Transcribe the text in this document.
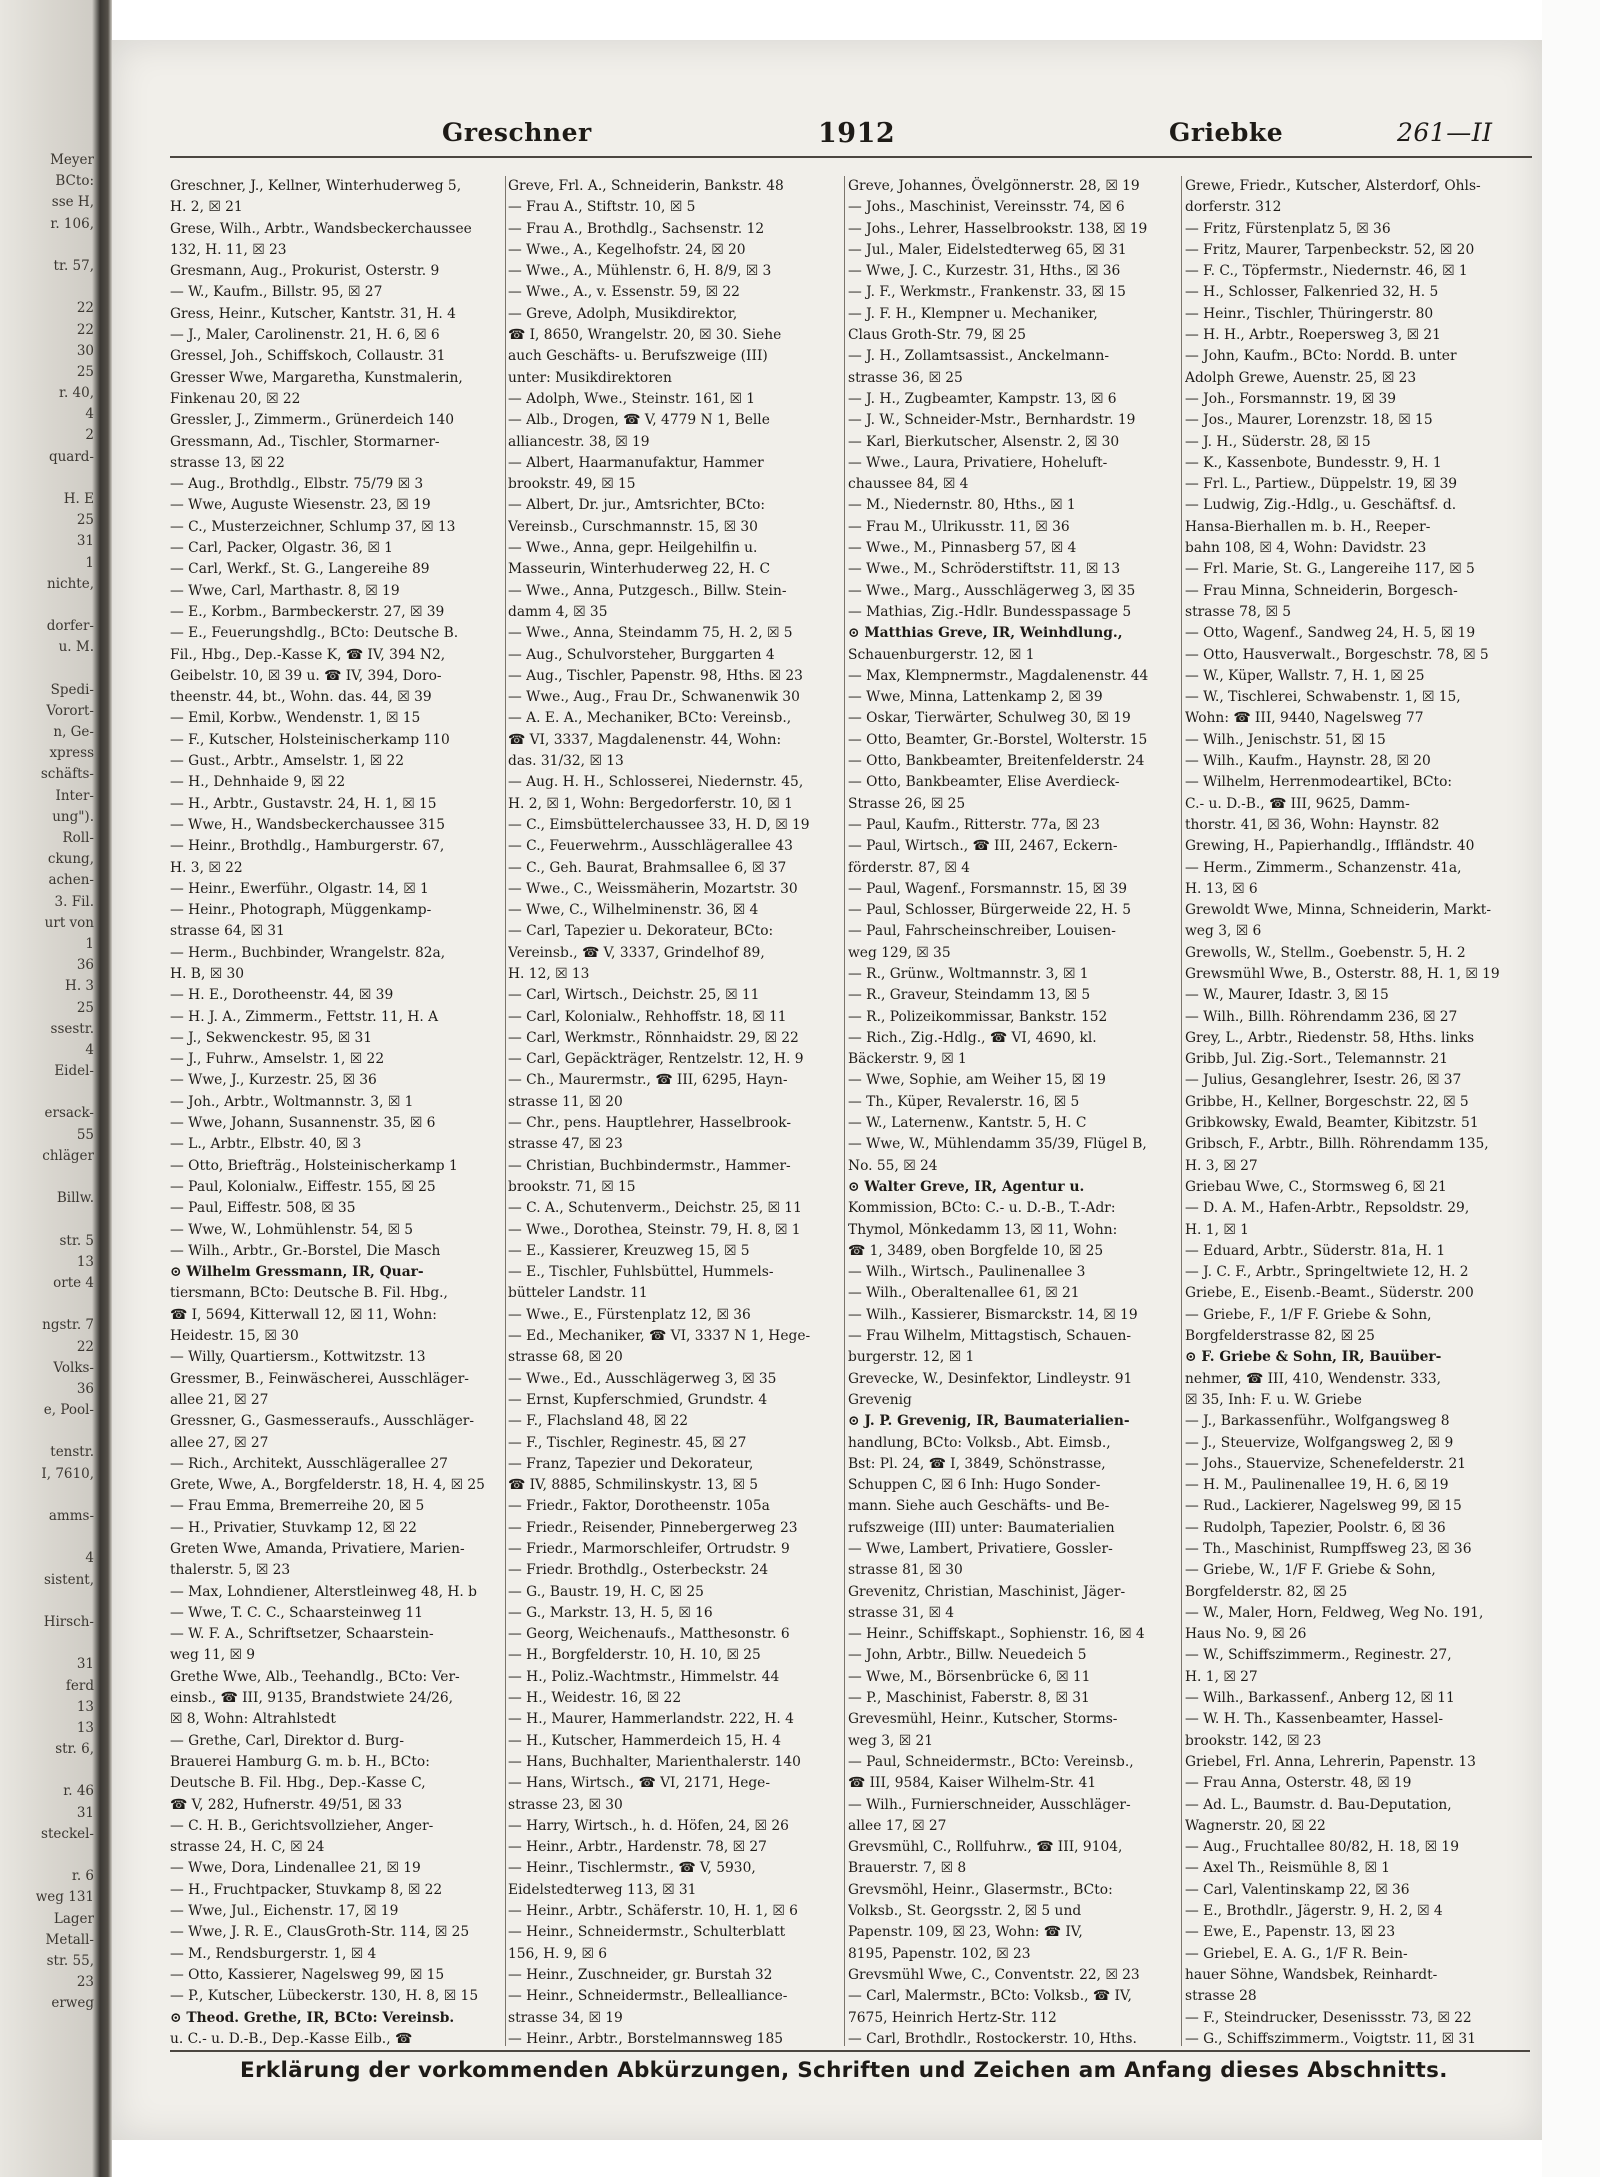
Meyer
BCto:
sse H,
r. 106,
tr. 57,
22
22
30
25
r. 40,
4
2
quard-
H. E
25
31
1
nichte,
dorfer-
u. M.
Spedi-
Vorort-
n, Ge-
xpress
schäfts-
Inter-
ung").
Roll-
ckung,
achen-
3. Fil.
urt von
1
36
H. 3
25
ssestr.
4
Eidel-
ersack-
55
chläger
Billw.
str. 5
13
orte 4
ngstr. 7
22
Volks-
36
e, Pool-
tenstr.
I, 7610,
amms-
4
sistent,
Hirsch-
31
ferd
13
13
str. 6,
r. 46
31
steckel-
r. 6
weg 131
Lager
Metall-
str. 55,
23
erweg
Greschner	1912	Griebke	261—II
Greschner, J., Kellner, Winterhuderweg 5,
H. 2, ☒ 21
Grese, Wilh., Arbtr., Wandsbeckerchaussee
132, H. 11, ☒ 23
Gresmann, Aug., Prokurist, Osterstr. 9
— W., Kaufm., Billstr. 95, ☒ 27
Gress, Heinr., Kutscher, Kantstr. 31, H. 4
— J., Maler, Carolinenstr. 21, H. 6, ☒ 6
Gressel, Joh., Schiffskoch, Collaustr. 31
Gresser Wwe, Margaretha, Kunstmalerin,
Finkenau 20, ☒ 22
Gressler, J., Zimmerm., Grünerdeich 140
Gressmann, Ad., Tischler, Stormarner-
strasse 13, ☒ 22
— Aug., Brothdlg., Elbstr. 75/79 ☒ 3
— Wwe, Auguste Wiesenstr. 23, ☒ 19
— C., Musterzeichner, Schlump 37, ☒ 13
— Carl, Packer, Olgastr. 36, ☒ 1
— Carl, Werkf., St. G., Langereihe 89
— Wwe, Carl, Marthastr. 8, ☒ 19
— E., Korbm., Barmbeckerstr. 27, ☒ 39
— E., Feuerungshdlg., BCto: Deutsche B.
Fil., Hbg., Dep.-Kasse K, ☎ IV, 394 N2,
Geibelstr. 10, ☒ 39 u. ☎ IV, 394, Doro-
theenstr. 44, bt., Wohn. das. 44, ☒ 39
— Emil, Korbw., Wendenstr. 1, ☒ 15
— F., Kutscher, Holsteinischerkamp 110
— Gust., Arbtr., Amselstr. 1, ☒ 22
— H., Dehnhaide 9, ☒ 22
— H., Arbtr., Gustavstr. 24, H. 1, ☒ 15
— Wwe, H., Wandsbeckerchaussee 315
— Heinr., Brothdlg., Hamburgerstr. 67,
H. 3, ☒ 22
— Heinr., Ewerführ., Olgastr. 14, ☒ 1
— Heinr., Photograph, Müggenkamp-
strasse 64, ☒ 31
— Herm., Buchbinder, Wrangelstr. 82a,
H. B, ☒ 30
— H. E., Dorotheenstr. 44, ☒ 39
— H. J. A., Zimmerm., Fettstr. 11, H. A
— J., Sekwenckestr. 95, ☒ 31
— J., Fuhrw., Amselstr. 1, ☒ 22
— Wwe, J., Kurzestr. 25, ☒ 36
— Joh., Arbtr., Woltmannstr. 3, ☒ 1
— Wwe, Johann, Susannenstr. 35, ☒ 6
— L., Arbtr., Elbstr. 40, ☒ 3
— Otto, Briefträg., Holsteinischerkamp 1
— Paul, Kolonialw., Eiffestr. 155, ☒ 25
— Paul, Eiffestr. 508, ☒ 35
— Wwe, W., Lohmühlenstr. 54, ☒ 5
— Wilh., Arbtr., Gr.-Borstel, Die Masch
⊙ Wilhelm Gressmann, IR, Quar-
tiersmann, BCto: Deutsche B. Fil. Hbg.,
☎ I, 5694, Kitterwall 12, ☒ 11, Wohn:
Heidestr. 15, ☒ 30
— Willy, Quartiersm., Kottwitzstr. 13
Gressmer, B., Feinwäscherei, Ausschläger-
allee 21, ☒ 27
Gressner, G., Gasmesseraufs., Ausschläger-
allee 27, ☒ 27
— Rich., Architekt, Ausschlägerallee 27
Grete, Wwe, A., Borgfelderstr. 18, H. 4, ☒ 25
— Frau Emma, Bremerreihe 20, ☒ 5
— H., Privatier, Stuvkamp 12, ☒ 22
Greten Wwe, Amanda, Privatiere, Marien-
thalerstr. 5, ☒ 23
— Max, Lohndiener, Alterstleinweg 48, H. b
— Wwe, T. C. C., Schaarsteinweg 11
— W. F. A., Schriftsetzer, Schaarstein-
weg 11, ☒ 9
Grethe Wwe, Alb., Teehandlg., BCto: Ver-
einsb., ☎ III, 9135, Brandstwiete 24/26,
☒ 8, Wohn: Altrahlstedt
— Grethe, Carl, Direktor d. Burg-
Brauerei Hamburg G. m. b. H., BCto:
Deutsche B. Fil. Hbg., Dep.-Kasse C,
☎ V, 282, Hufnerstr. 49/51, ☒ 33
— C. H. B., Gerichtsvollzieher, Anger-
strasse 24, H. C, ☒ 24
— Wwe, Dora, Lindenallee 21, ☒ 19
— H., Fruchtpacker, Stuvkamp 8, ☒ 22
— Wwe, Jul., Eichenstr. 17, ☒ 19
— Wwe, J. R. E., ClausGroth-Str. 114, ☒ 25
— M., Rendsburgerstr. 1, ☒ 4
— Otto, Kassierer, Nagelsweg 99, ☒ 15
— P., Kutscher, Lübeckerstr. 130, H. 8, ☒ 15
⊙ Theod. Grethe, IR, BCto: Vereinsb.
u. C.- u. D.-B., Dep.-Kasse Eilb., ☎
Greve, Frl. A., Schneiderin, Bankstr. 48
— Frau A., Stiftstr. 10, ☒ 5
— Frau A., Brothdlg., Sachsenstr. 12
— Wwe., A., Kegelhofstr. 24, ☒ 20
— Wwe., A., Mühlenstr. 6, H. 8/9, ☒ 3
— Wwe., A., v. Essenstr. 59, ☒ 22
— Greve, Adolph, Musikdirektor,
☎ I, 8650, Wrangelstr. 20, ☒ 30. Siehe
auch Geschäfts- u. Berufszweige (III)
unter: Musikdirektoren
— Adolph, Wwe., Steinstr. 161, ☒ 1
— Alb., Drogen, ☎ V, 4779 N 1, Belle
alliancestr. 38, ☒ 19
— Albert, Haarmanufaktur, Hammer
brookstr. 49, ☒ 15
— Albert, Dr. jur., Amtsrichter, BCto:
Vereinsb., Curschmannstr. 15, ☒ 30
— Wwe., Anna, gepr. Heilgehilfin u.
Masseurin, Winterhuderweg 22, H. C
— Wwe., Anna, Putzgesch., Billw. Stein-
damm 4, ☒ 35
— Wwe., Anna, Steindamm 75, H. 2, ☒ 5
— Aug., Schulvorsteher, Burggarten 4
— Aug., Tischler, Papenstr. 98, Hths. ☒ 23
— Wwe., Aug., Frau Dr., Schwanenwik 30
— A. E. A., Mechaniker, BCto: Vereinsb.,
☎ VI, 3337, Magdalenenstr. 44, Wohn:
das. 31/32, ☒ 13
— Aug. H. H., Schlosserei, Niedernstr. 45,
H. 2, ☒ 1, Wohn: Bergedorferstr. 10, ☒ 1
— C., Eimsbüttelerchaussee 33, H. D, ☒ 19
— C., Feuerwehrm., Ausschlägerallee 43
— C., Geh. Baurat, Brahmsallee 6, ☒ 37
— Wwe., C., Weissmäherin, Mozartstr. 30
— Wwe, C., Wilhelminenstr. 36, ☒ 4
— Carl, Tapezier u. Dekorateur, BCto:
Vereinsb., ☎ V, 3337, Grindelhof 89,
H. 12, ☒ 13
— Carl, Wirtsch., Deichstr. 25, ☒ 11
— Carl, Kolonialw., Rehhoffstr. 18, ☒ 11
— Carl, Werkmstr., Rönnhaidstr. 29, ☒ 22
— Carl, Gepäckträger, Rentzelstr. 12, H. 9
— Ch., Maurermstr., ☎ III, 6295, Hayn-
strasse 11, ☒ 20
— Chr., pens. Hauptlehrer, Hasselbrook-
strasse 47, ☒ 23
— Christian, Buchbindermstr., Hammer-
brookstr. 71, ☒ 15
— C. A., Schutenverm., Deichstr. 25, ☒ 11
— Wwe., Dorothea, Steinstr. 79, H. 8, ☒ 1
— E., Kassierer, Kreuzweg 15, ☒ 5
— E., Tischler, Fuhlsbüttel, Hummels-
bütteler Landstr. 11
— Wwe., E., Fürstenplatz 12, ☒ 36
— Ed., Mechaniker, ☎ VI, 3337 N 1, Hege-
strasse 68, ☒ 20
— Wwe., Ed., Ausschlägerweg 3, ☒ 35
— Ernst, Kupferschmied, Grundstr. 4
— F., Flachsland 48, ☒ 22
— F., Tischler, Reginestr. 45, ☒ 27
— Franz, Tapezier und Dekorateur,
☎ IV, 8885, Schmilinskystr. 13, ☒ 5
— Friedr., Faktor, Dorotheenstr. 105a
— Friedr., Reisender, Pinnebergerweg 23
— Friedr., Marmorschleifer, Ortrudstr. 9
— Friedr. Brothdlg., Osterbeckstr. 24
— G., Baustr. 19, H. C, ☒ 25
— G., Markstr. 13, H. 5, ☒ 16
— Georg, Weichenaufs., Matthesonstr. 6
— H., Borgfelderstr. 10, H. 10, ☒ 25
— H., Poliz.-Wachtmstr., Himmelstr. 44
— H., Weidestr. 16, ☒ 22
— H., Maurer, Hammerlandstr. 222, H. 4
— H., Kutscher, Hammerdeich 15, H. 4
— Hans, Buchhalter, Marienthalerstr. 140
— Hans, Wirtsch., ☎ VI, 2171, Hege-
strasse 23, ☒ 30
— Harry, Wirtsch., h. d. Höfen, 24, ☒ 26
— Heinr., Arbtr., Hardenstr. 78, ☒ 27
— Heinr., Tischlermstr., ☎ V, 5930,
Eidelstedterweg 113, ☒ 31
— Heinr., Arbtr., Schäferstr. 10, H. 1, ☒ 6
— Heinr., Schneidermstr., Schulterblatt
156, H. 9, ☒ 6
— Heinr., Zuschneider, gr. Burstah 32
— Heinr., Schneidermstr., Bellealliance-
strasse 34, ☒ 19
— Heinr., Arbtr., Borstelmannsweg 185
Greve, Johannes, Övelgönnerstr. 28, ☒ 19
— Johs., Maschinist, Vereinsstr. 74, ☒ 6
— Johs., Lehrer, Hasselbrookstr. 138, ☒ 19
— Jul., Maler, Eidelstedterweg 65, ☒ 31
— Wwe, J. C., Kurzestr. 31, Hths., ☒ 36
— J. F., Werkmstr., Frankenstr. 33, ☒ 15
— J. F. H., Klempner u. Mechaniker,
Claus Groth-Str. 79, ☒ 25
— J. H., Zollamtsassist., Anckelmann-
strasse 36, ☒ 25
— J. H., Zugbeamter, Kampstr. 13, ☒ 6
— J. W., Schneider-Mstr., Bernhardstr. 19
— Karl, Bierkutscher, Alsenstr. 2, ☒ 30
— Wwe., Laura, Privatiere, Hoheluft-
chaussee 84, ☒ 4
— M., Niedernstr. 80, Hths., ☒ 1
— Frau M., Ulrikusstr. 11, ☒ 36
— Wwe., M., Pinnasberg 57, ☒ 4
— Wwe., M., Schröderstiftstr. 11, ☒ 13
— Wwe., Marg., Ausschlägerweg 3, ☒ 35
— Mathias, Zig.-Hdlr. Bundesspassage 5
⊙ Matthias Greve, IR, Weinhdlung.,
Schauenburgerstr. 12, ☒ 1
— Max, Klempnermstr., Magdalenenstr. 44
— Wwe, Minna, Lattenkamp 2, ☒ 39
— Oskar, Tierwärter, Schulweg 30, ☒ 19
— Otto, Beamter, Gr.-Borstel, Wolterstr. 15
— Otto, Bankbeamter, Breitenfelderstr. 24
— Otto, Bankbeamter, Elise Averdieck-
Strasse 26, ☒ 25
— Paul, Kaufm., Ritterstr. 77a, ☒ 23
— Paul, Wirtsch., ☎ III, 2467, Eckern-
förderstr. 87, ☒ 4
— Paul, Wagenf., Forsmannstr. 15, ☒ 39
— Paul, Schlosser, Bürgerweide 22, H. 5
— Paul, Fahrscheinschreiber, Louisen-
weg 129, ☒ 35
— R., Grünw., Woltmannstr. 3, ☒ 1
— R., Graveur, Steindamm 13, ☒ 5
— R., Polizeikommissar, Bankstr. 152
— Rich., Zig.-Hdlg., ☎ VI, 4690, kl.
Bäckerstr. 9, ☒ 1
— Wwe, Sophie, am Weiher 15, ☒ 19
— Th., Küper, Revalerstr. 16, ☒ 5
— W., Laternenw., Kantstr. 5, H. C
— Wwe, W., Mühlendamm 35/39, Flügel B,
No. 55, ☒ 24
⊙ Walter Greve, IR, Agentur u.
Kommission, BCto: C.- u. D.-B., T.-Adr:
Thymol, Mönkedamm 13, ☒ 11, Wohn:
☎ 1, 3489, oben Borgfelde 10, ☒ 25
— Wilh., Wirtsch., Paulinenallee 3
— Wilh., Oberaltenallee 61, ☒ 21
— Wilh., Kassierer, Bismarckstr. 14, ☒ 19
— Frau Wilhelm, Mittagstisch, Schauen-
burgerstr. 12, ☒ 1
Grevecke, W., Desinfektor, Lindleystr. 91
Grevenig
⊙ J. P. Grevenig, IR, Baumaterialien-
handlung, BCto: Volksb., Abt. Eimsb.,
Bst: Pl. 24, ☎ I, 3849, Schönstrasse,
Schuppen C, ☒ 6 Inh: Hugo Sonder-
mann. Siehe auch Geschäfts- und Be-
rufszweige (III) unter: Baumaterialien
— Wwe, Lambert, Privatiere, Gossler-
strasse 81, ☒ 30
Grevenitz, Christian, Maschinist, Jäger-
strasse 31, ☒ 4
— Heinr., Schiffskapt., Sophienstr. 16, ☒ 4
— John, Arbtr., Billw. Neuedeich 5
— Wwe, M., Börsenbrücke 6, ☒ 11
— P., Maschinist, Faberstr. 8, ☒ 31
Grevesmühl, Heinr., Kutscher, Storms-
weg 3, ☒ 21
— Paul, Schneidermstr., BCto: Vereinsb.,
☎ III, 9584, Kaiser Wilhelm-Str. 41
— Wilh., Furnierschneider, Ausschläger-
allee 17, ☒ 27
Grevsmühl, C., Rollfuhrw., ☎ III, 9104,
Brauerstr. 7, ☒ 8
Grevsmöhl, Heinr., Glasermstr., BCto:
Volksb., St. Georgsstr. 2, ☒ 5 und
Papenstr. 109, ☒ 23, Wohn: ☎ IV,
8195, Papenstr. 102, ☒ 23
Grevsmühl Wwe, C., Conventstr. 22, ☒ 23
— Carl, Malermstr., BCto: Volksb., ☎ IV,
7675, Heinrich Hertz-Str. 112
— Carl, Brothdlr., Rostockerstr. 10, Hths.
Grewe, Friedr., Kutscher, Alsterdorf, Ohls-
dorferstr. 312
— Fritz, Fürstenplatz 5, ☒ 36
— Fritz, Maurer, Tarpenbeckstr. 52, ☒ 20
— F. C., Töpfermstr., Niedernstr. 46, ☒ 1
— H., Schlosser, Falkenried 32, H. 5
— Heinr., Tischler, Thüringerstr. 80
— H. H., Arbtr., Roepersweg 3, ☒ 21
— John, Kaufm., BCto: Nordd. B. unter
Adolph Grewe, Auenstr. 25, ☒ 23
— Joh., Forsmannstr. 19, ☒ 39
— Jos., Maurer, Lorenzstr. 18, ☒ 15
— J. H., Süderstr. 28, ☒ 15
— K., Kassenbote, Bundesstr. 9, H. 1
— Frl. L., Partiew., Düppelstr. 19, ☒ 39
— Ludwig, Zig.-Hdlg., u. Geschäftsf. d.
Hansa-Bierhallen m. b. H., Reeper-
bahn 108, ☒ 4, Wohn: Davidstr. 23
— Frl. Marie, St. G., Langereihe 117, ☒ 5
— Frau Minna, Schneiderin, Borgesch-
strasse 78, ☒ 5
— Otto, Wagenf., Sandweg 24, H. 5, ☒ 19
— Otto, Hausverwalt., Borgeschstr. 78, ☒ 5
— W., Küper, Wallstr. 7, H. 1, ☒ 25
— W., Tischlerei, Schwabenstr. 1, ☒ 15,
Wohn: ☎ III, 9440, Nagelsweg 77
— Wilh., Jenischstr. 51, ☒ 15
— Wilh., Kaufm., Haynstr. 28, ☒ 20
— Wilhelm, Herrenmodeartikel, BCto:
C.- u. D.-B., ☎ III, 9625, Damm-
thorstr. 41, ☒ 36, Wohn: Haynstr. 82
Grewing, H., Papierhandlg., Iffländstr. 40
— Herm., Zimmerm., Schanzenstr. 41a,
H. 13, ☒ 6
Grewoldt Wwe, Minna, Schneiderin, Markt-
weg 3, ☒ 6
Grewolls, W., Stellm., Goebenstr. 5, H. 2
Grewsmühl Wwe, B., Osterstr. 88, H. 1, ☒ 19
— W., Maurer, Idastr. 3, ☒ 15
— Wilh., Billh. Röhrendamm 236, ☒ 27
Grey, L., Arbtr., Riedenstr. 58, Hths. links
Gribb, Jul. Zig.-Sort., Telemannstr. 21
— Julius, Gesanglehrer, Isestr. 26, ☒ 37
Gribbe, H., Kellner, Borgeschstr. 22, ☒ 5
Gribkowsky, Ewald, Beamter, Kibitzstr. 51
Gribsch, F., Arbtr., Billh. Röhrendamm 135,
H. 3, ☒ 27
Griebau Wwe, C., Stormsweg 6, ☒ 21
— D. A. M., Hafen-Arbtr., Repsoldstr. 29,
H. 1, ☒ 1
— Eduard, Arbtr., Süderstr. 81a, H. 1
— J. C. F., Arbtr., Springeltwiete 12, H. 2
Griebe, E., Eisenb.-Beamt., Süderstr. 200
— Griebe, F., 1/F F. Griebe & Sohn,
Borgfelderstrasse 82, ☒ 25
⊙ F. Griebe & Sohn, IR, Bauüber-
nehmer, ☎ III, 410, Wendenstr. 333,
☒ 35, Inh: F. u. W. Griebe
— J., Barkassenführ., Wolfgangsweg 8
— J., Steuervize, Wolfgangsweg 2, ☒ 9
— Johs., Stauervize, Schenefelderstr. 21
— H. M., Paulinenallee 19, H. 6, ☒ 19
— Rud., Lackierer, Nagelsweg 99, ☒ 15
— Rudolph, Tapezier, Poolstr. 6, ☒ 36
— Th., Maschinist, Rumpffsweg 23, ☒ 36
— Griebe, W., 1/F F. Griebe & Sohn,
Borgfelderstr. 82, ☒ 25
— W., Maler, Horn, Feldweg, Weg No. 191,
Haus No. 9, ☒ 26
— W., Schiffszimmerm., Reginestr. 27,
H. 1, ☒ 27
— Wilh., Barkassenf., Anberg 12, ☒ 11
— W. H. Th., Kassenbeamter, Hassel-
brookstr. 142, ☒ 23
Griebel, Frl. Anna, Lehrerin, Papenstr. 13
— Frau Anna, Osterstr. 48, ☒ 19
— Ad. L., Baumstr. d. Bau-Deputation,
Wagnerstr. 20, ☒ 22
— Aug., Fruchtallee 80/82, H. 18, ☒ 19
— Axel Th., Reismühle 8, ☒ 1
— Carl, Valentinskamp 22, ☒ 36
— E., Brothdlr., Jägerstr. 9, H. 2, ☒ 4
— Ewe, E., Papenstr. 13, ☒ 23
— Griebel, E. A. G., 1/F R. Bein-
hauer Söhne, Wandsbek, Reinhardt-
strasse 28
— F., Steindrucker, Desenissstr. 73, ☒ 22
— G., Schiffszimmerm., Voigtstr. 11, ☒ 31
Erklärung der vorkommenden Abkürzungen, Schriften und Zeichen am Anfang dieses Abschnitts.
